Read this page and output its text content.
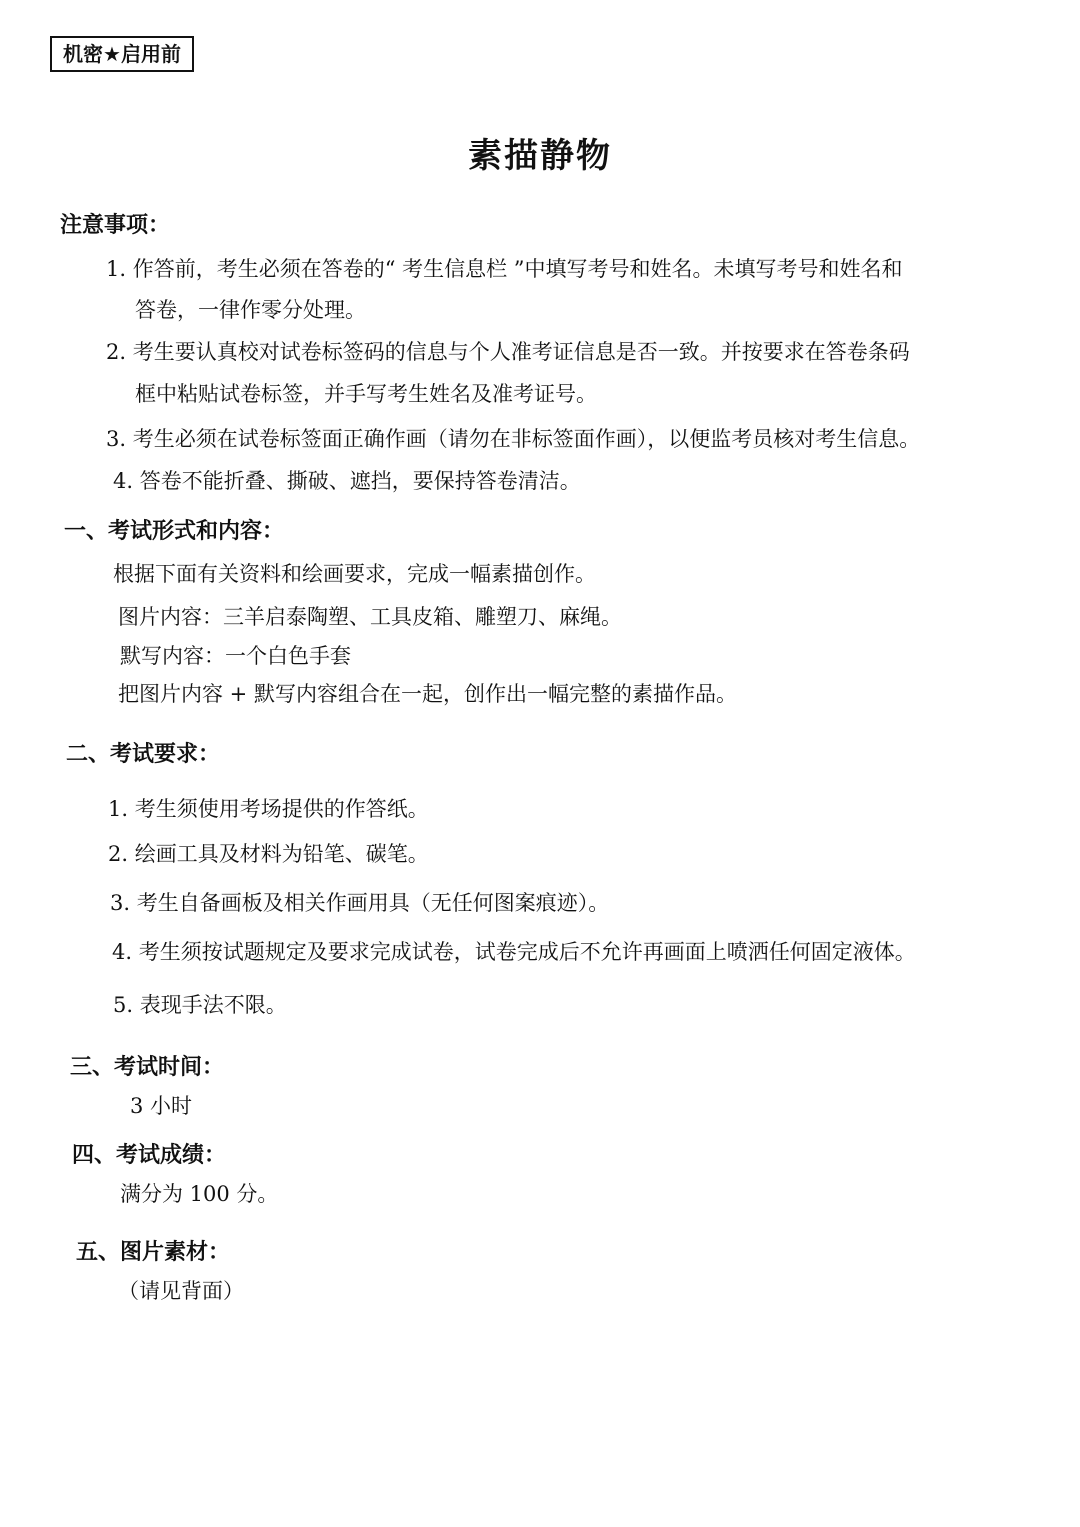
机密★启用前
素描静物
注意事项：
1. 作答前，考生必须在答卷的“ 考生信息栏 ”中填写考号和姓名。未填写考号和姓名和
答卷，一律作零分处理。
2. 考生要认真校对试卷标签码的信息与个人准考证信息是否一致。并按要求在答卷条码
框中粘贴试卷标签，并手写考生姓名及准考证号。
3. 考生必须在试卷标签面正确作画（请勿在非标签面作画），以便监考员核对考生信息。
4. 答卷不能折叠、撕破、遮挡，要保持答卷清洁。
一、考试形式和内容：
根据下面有关资料和绘画要求，完成一幅素描创作。
图片内容：三羊启泰陶塑、工具皮箱、雕塑刀、麻绳。
默写内容：一个白色手套
把图片内容 + 默写内容组合在一起，创作出一幅完整的素描作品。
二、考试要求：
1. 考生须使用考场提供的作答纸。
2. 绘画工具及材料为铅笔、碳笔。
3. 考生自备画板及相关作画用具（无任何图案痕迹）。
4. 考生须按试题规定及要求完成试卷，试卷完成后不允许再画面上喷洒任何固定液体。
5. 表现手法不限。
三、考试时间：
3 小时
四、考试成绩：
满分为 100 分。
五、图片素材：
（请见背面）
